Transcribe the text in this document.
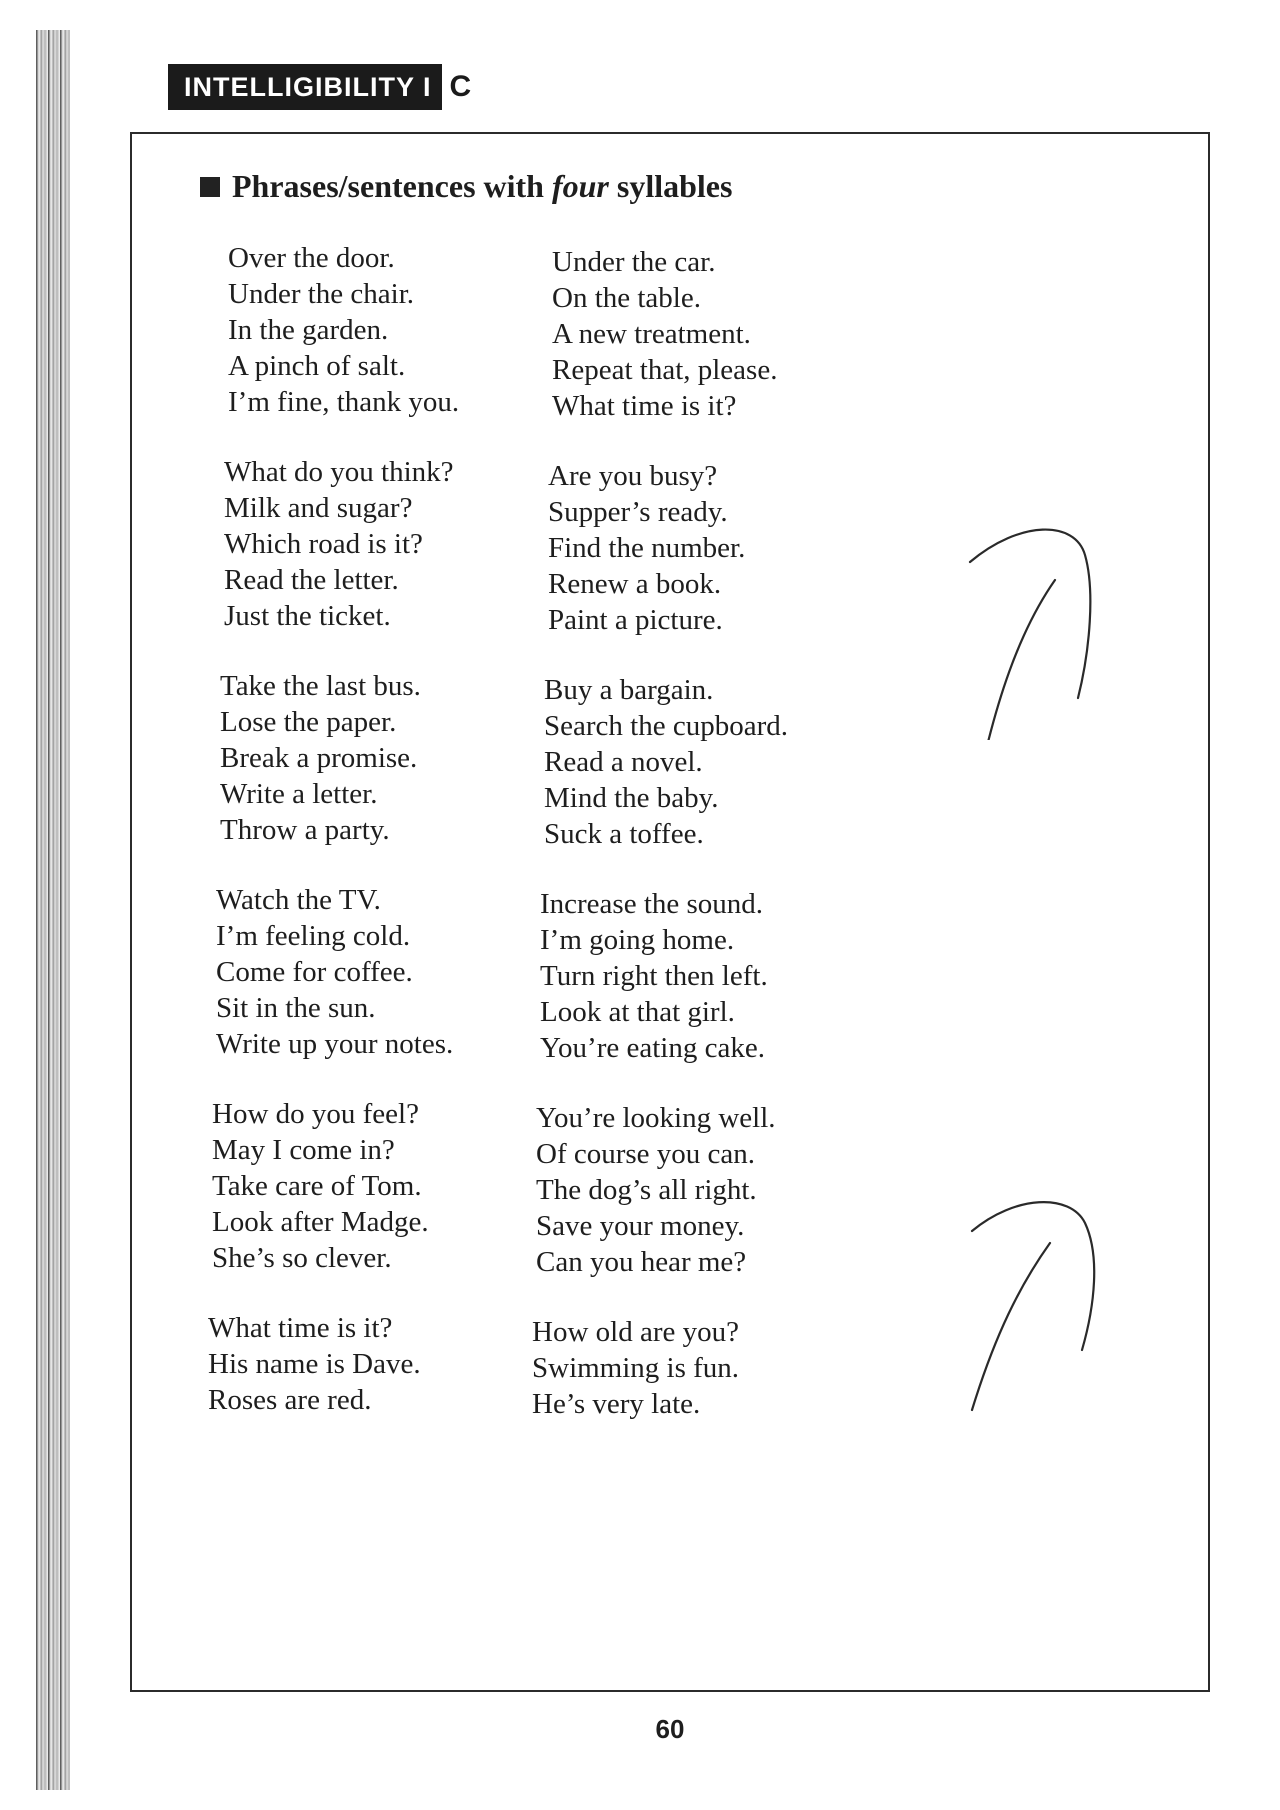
INTELLIGIBILITY I C
Phrases/sentences with four syllables
Over the door.
Under the chair.
In the garden.
A pinch of salt.
I’m fine, thank you.
What do you think?
Milk and sugar?
Which road is it?
Read the letter.
Just the ticket.
Take the last bus.
Lose the paper.
Break a promise.
Write a letter.
Throw a party.
Watch the TV.
I’m feeling cold.
Come for coffee.
Sit in the sun.
Write up your notes.
How do you feel?
May I come in?
Take care of Tom.
Look after Madge.
She’s so clever.
What time is it?
His name is Dave.
Roses are red.
Under the car.
On the table.
A new treatment.
Repeat that, please.
What time is it?
Are you busy?
Supper’s ready.
Find the number.
Renew a book.
Paint a picture.
Buy a bargain.
Search the cupboard.
Read a novel.
Mind the baby.
Suck a toffee.
Increase the sound.
I’m going home.
Turn right then left.
Look at that girl.
You’re eating cake.
You’re looking well.
Of course you can.
The dog’s all right.
Save your money.
Can you hear me?
How old are you?
Swimming is fun.
He’s very late.
60
